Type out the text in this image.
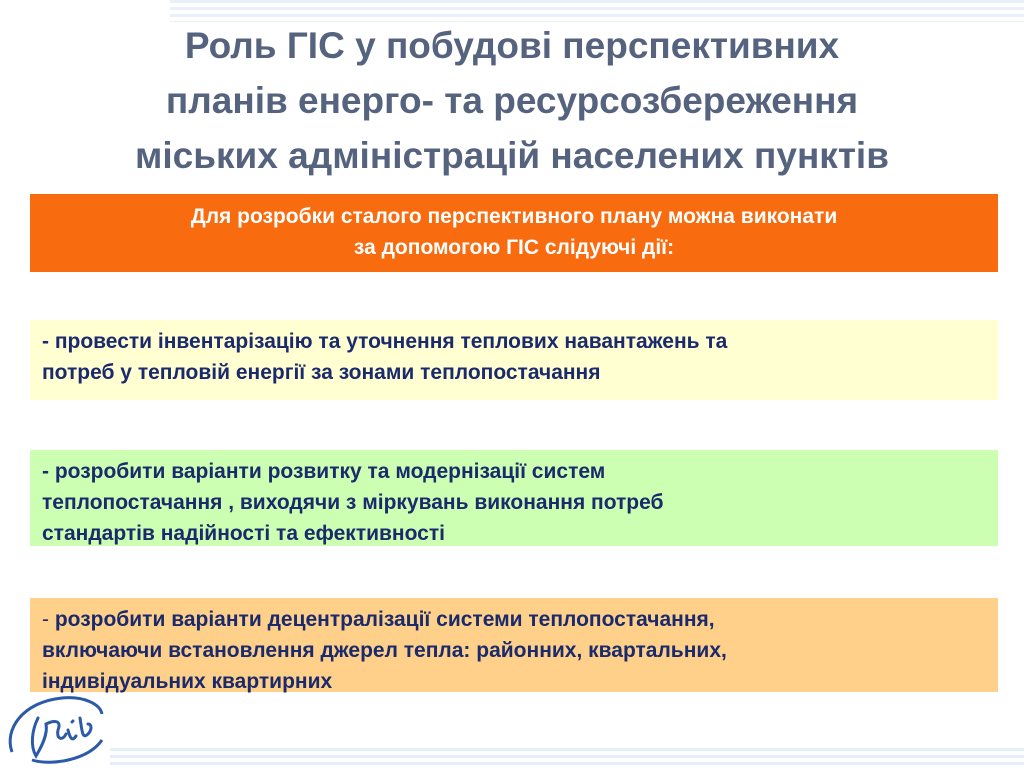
Роль ГІС у побудові перспективних
планів енерго- та ресурсозбереження
міських адміністрацій населених пунктів
Для розробки сталого перспективного плану можна виконати
за допомогою ГІС слідуючі дії:
- провести інвентарізацію та уточнення теплових навантажень та
потреб у тепловій енергії за зонами теплопостачання
- розробити варіанти розвитку та модернізації систем
теплопостачання , виходячи з міркувань виконання потреб
стандартів надійності та ефективності
- розробити варіанти децентралізації системи теплопостачання,
включаючи встановлення джерел тепла: районних, квартальних,
індивідуальних квартирних
